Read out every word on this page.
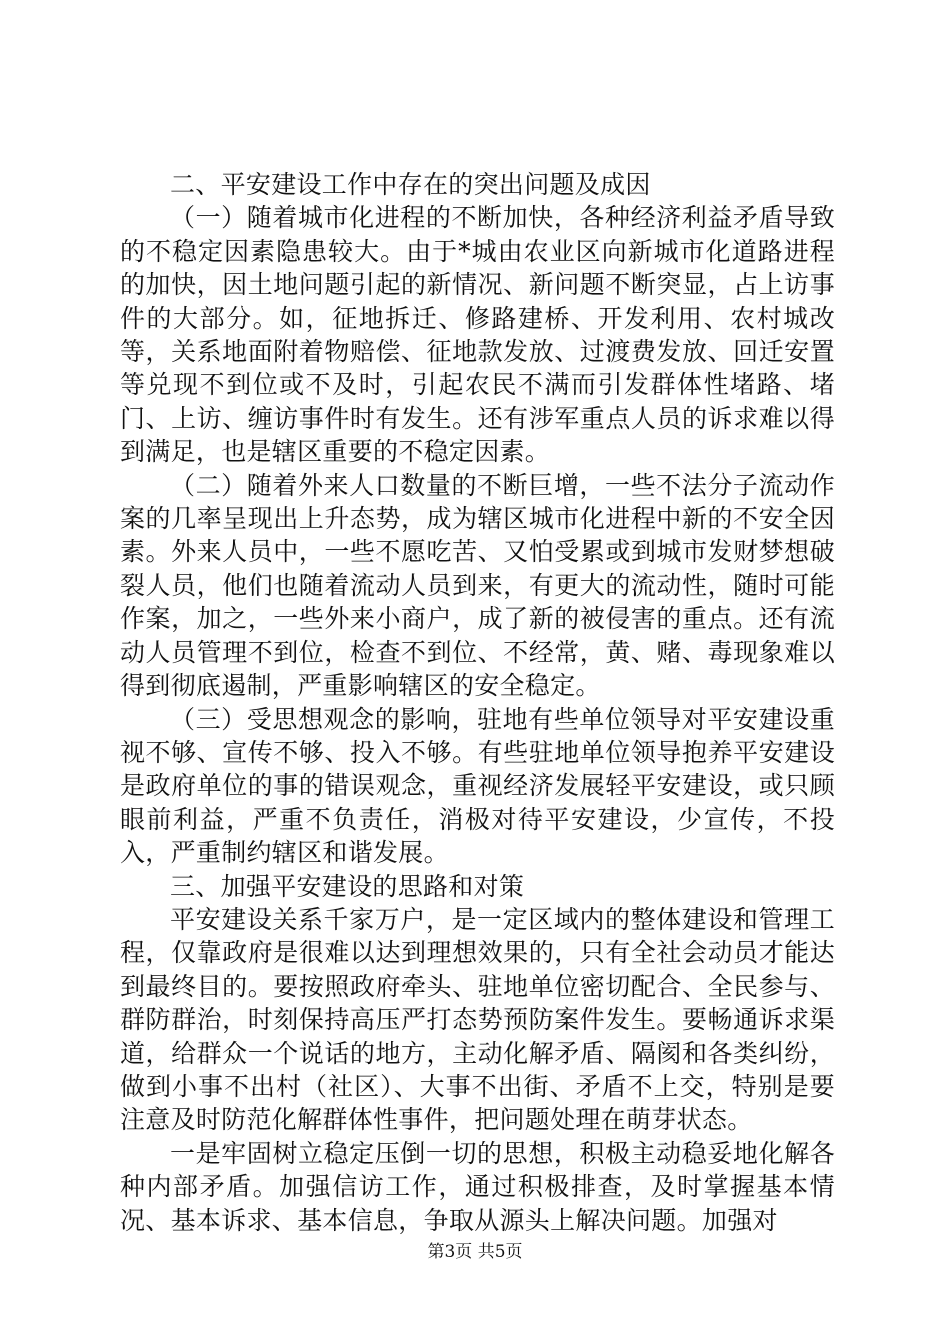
二、平安建设工作中存在的突出问题及成因

（一）随着城市化进程的不断加快，各种经济利益矛盾导致的不稳定因素隐患较大。由于*城由农业区向新城市化道路进程的加快，因土地问题引起的新情况、新问题不断突显，占上访事件的大部分。如，征地拆迁、修路建桥、开发利用、农村城改等，关系地面附着物赔偿、征地款发放、过渡费发放、回迁安置等兑现不到位或不及时，引起农民不满而引发群体性堵路、堵门、上访、缠访事件时有发生。还有涉军重点人员的诉求难以得到满足，也是辖区重要的不稳定因素。

（二）随着外来人口数量的不断巨增，一些不法分子流动作案的几率呈现出上升态势，成为辖区城市化进程中新的不安全因素。外来人员中，一些不愿吃苦、又怕受累或到城市发财梦想破裂人员，他们也随着流动人员到来，有更大的流动性，随时可能作案，加之，一些外来小商户，成了新的被侵害的重点。还有流动人员管理不到位，检查不到位、不经常，黄、赌、毒现象难以得到彻底遏制，严重影响辖区的安全稳定。

（三）受思想观念的影响，驻地有些单位领导对平安建设重视不够、宣传不够、投入不够。有些驻地单位领导抱养平安建设是政府单位的事的错误观念，重视经济发展轻平安建设，或只顾眼前利益，严重不负责任，消极对待平安建设，少宣传，不投入，严重制约辖区和谐发展。

三、加强平安建设的思路和对策

平安建设关系千家万户，是一定区域内的整体建设和管理工程，仅靠政府是很难以达到理想效果的，只有全社会动员才能达到最终目的。要按照政府牵头、驻地单位密切配合、全民参与、群防群治，时刻保持高压严打态势预防案件发生。要畅通诉求渠道，给群众一个说话的地方，主动化解矛盾、隔阂和各类纠纷，做到小事不出村（社区）、大事不出街、矛盾不上交，特别是要注意及时防范化解群体性事件，把问题处理在萌芽状态。

一是牢固树立稳定压倒一切的思想，积极主动稳妥地化解各种内部矛盾。加强信访工作，通过积极排查，及时掌握基本情况、基本诉求、基本信息，争取从源头上解决问题。加强对

第3页 共5页
